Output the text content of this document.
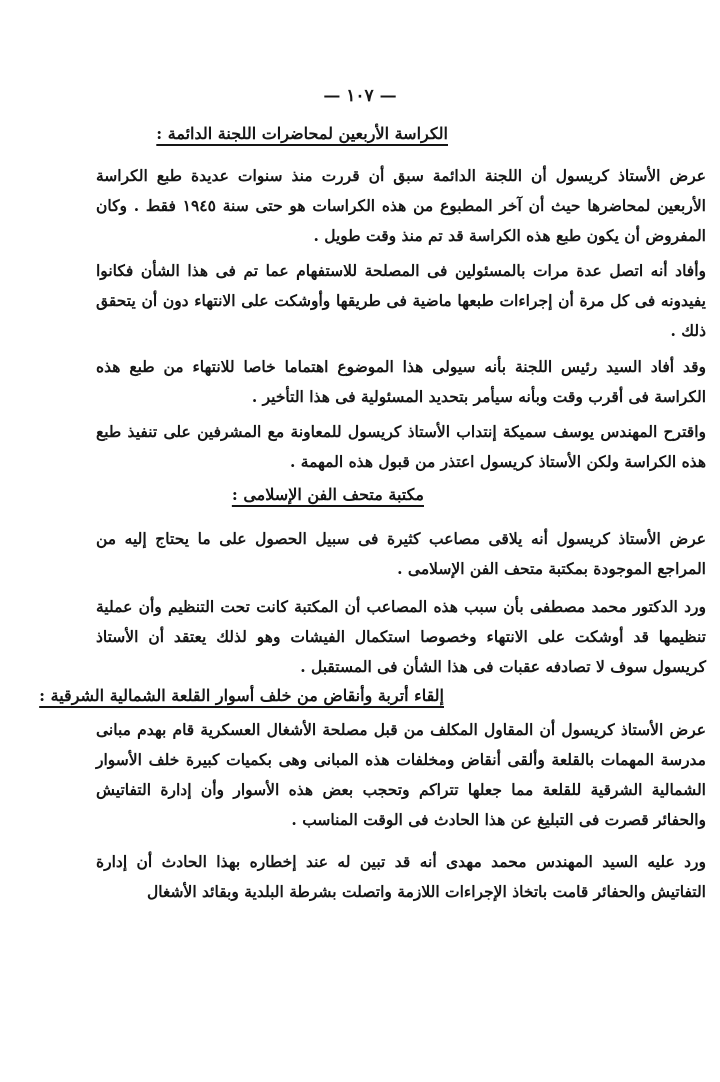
— ١٠٧ —
الكراسة الأربعين لمحاضرات اللجنة الدائمة :
عرض الأستاذ كريسول أن اللجنة الدائمة سبق أن قررت منذ سنوات عديدة طبع الكراسة الأربعين لمحاضرها حيث أن آخر المطبوع من هذه الكراسات هو حتى سنة ١٩٤٥ فقط . وكان المفروض أن يكون طبع هذه الكراسة قد تم منذ وقت طويل .
وأفاد أنه اتصل عدة مرات بالمسئولين فى المصلحة للاستفهام عما تم فى هذا الشأن فكانوا يفيدونه فى كل مرة أن إجراءات طبعها ماضية فى طريقها وأوشكت على الانتهاء دون أن يتحقق ذلك .
وقد أفاد السيد رئيس اللجنة بأنه سيولى هذا الموضوع اهتماما خاصا للانتهاء من طبع هذه الكراسة فى أقرب وقت وبأنه سيأمر بتحديد المسئولية فى هذا التأخير .
واقترح المهندس يوسف سميكة إنتداب الأستاذ كريسول للمعاونة مع المشرفين على تنفيذ طبع هذه الكراسة ولكن الأستاذ كريسول اعتذر من قبول هذه المهمة .
مكتبة متحف الفن الإسلامى :
عرض الأستاذ كريسول أنه يلاقى مصاعب كثيرة فى سبيل الحصول على ما يحتاج إليه من المراجع الموجودة بمكتبة متحف الفن الإسلامى .
ورد الدكتور محمد مصطفى بأن سبب هذه المصاعب أن المكتبة كانت تحت التنظيم وأن عملية تنظيمها قد أوشكت على الانتهاء وخصوصا استكمال الفيشات وهو لذلك يعتقد أن الأستاذ كريسول سوف لا تصادفه عقبات فى هذا الشأن فى المستقبل .
إلقاء أتربة وأنقاض من خلف أسوار القلعة الشمالية الشرقية :
عرض الأستاذ كريسول أن المقاول المكلف من قبل مصلحة الأشغال العسكرية قام بهدم مبانى مدرسة المهمات بالقلعة وألقى أنقاض ومخلفات هذه المبانى وهى بكميات كبيرة خلف الأسوار الشمالية الشرقية للقلعة مما جعلها تتراكم وتحجب بعض هذه الأسوار وأن إدارة التفاتيش والحفائر قصرت فى التبليغ عن هذا الحادث فى الوقت المناسب .
ورد عليه السيد المهندس محمد مهدى أنه قد تبين له عند إخطاره بهذا الحادث أن إدارة التفاتيش والحفائر قامت باتخاذ الإجراءات اللازمة واتصلت بشرطة البلدية وبقائد الأشغال
